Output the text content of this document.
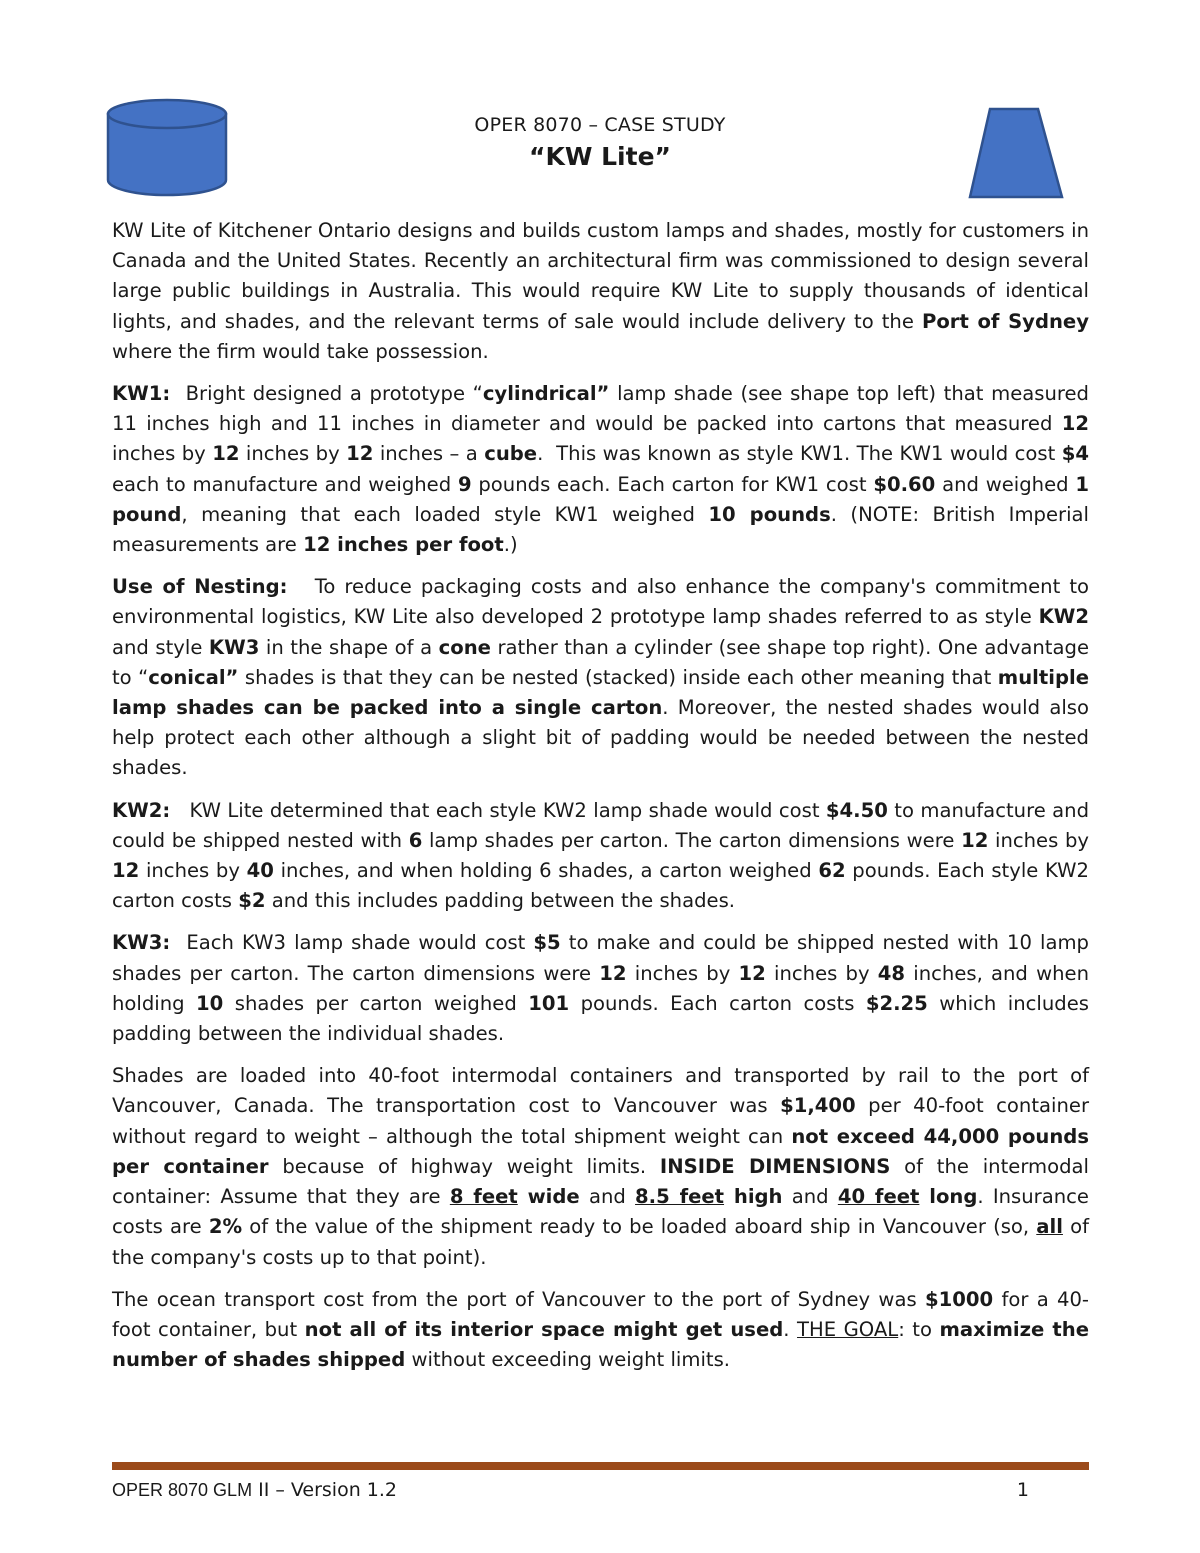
OPER 8070 – CASE STUDY
“KW Lite”

KW Lite of Kitchener Ontario designs and builds custom lamps and shades, mostly for customers in Canada and the United States. Recently an architectural firm was commissioned to design several large public buildings in Australia. This would require KW Lite to supply thousands of identical lights, and shades, and the relevant terms of sale would include delivery to the Port of Sydney where the firm would take possession.

KW1:  Bright designed a prototype “cylindrical” lamp shade (see shape top left) that measured 11 inches high and 11 inches in diameter and would be packed into cartons that measured 12 inches by 12 inches by 12 inches – a cube.  This was known as style KW1. The KW1 would cost $4 each to manufacture and weighed 9 pounds each. Each carton for KW1 cost $0.60 and weighed 1 pound, meaning that each loaded style KW1 weighed 10 pounds. (NOTE: British Imperial measurements are 12 inches per foot.)

Use of Nesting:   To reduce packaging costs and also enhance the company's commitment to environmental logistics, KW Lite also developed 2 prototype lamp shades referred to as style KW2 and style KW3 in the shape of a cone rather than a cylinder (see shape top right). One advantage to “conical” shades is that they can be nested (stacked) inside each other meaning that multiple lamp shades can be packed into a single carton. Moreover, the nested shades would also help protect each other although a slight bit of padding would be needed between the nested shades.

KW2:   KW Lite determined that each style KW2 lamp shade would cost $4.50 to manufacture and could be shipped nested with 6 lamp shades per carton. The carton dimensions were 12 inches by 12 inches by 40 inches, and when holding 6 shades, a carton weighed 62 pounds. Each style KW2 carton costs $2 and this includes padding between the shades.

KW3:  Each KW3 lamp shade would cost $5 to make and could be shipped nested with 10 lamp shades per carton. The carton dimensions were 12 inches by 12 inches by 48 inches, and when holding 10 shades per carton weighed 101 pounds. Each carton costs $2.25 which includes padding between the individual shades.

Shades are loaded into 40-foot intermodal containers and transported by rail to the port of Vancouver, Canada. The transportation cost to Vancouver was $1,400 per 40-foot container without regard to weight – although the total shipment weight can not exceed 44,000 pounds per container because of highway weight limits. INSIDE DIMENSIONS of the intermodal container: Assume that they are 8 feet wide and 8.5 feet high and 40 feet long. Insurance costs are 2% of the value of the shipment ready to be loaded aboard ship in Vancouver (so, all of the company's costs up to that point).

The ocean transport cost from the port of Vancouver to the port of Sydney was $1000 for a 40-foot container, but not all of its interior space might get used. THE GOAL: to maximize the number of shades shipped without exceeding weight limits.

OPER 8070 GLM II – Version 1.2	1
